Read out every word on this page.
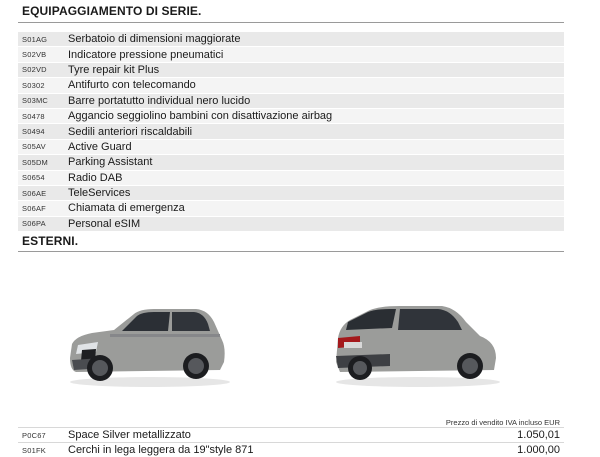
EQUIPAGGIAMENTO DI SERIE.
S01AG	Serbatoio di dimensioni maggiorate
S02VB	Indicatore pressione pneumatici
S02VD	Tyre repair kit Plus
S0302	Antifurto con telecomando
S03MC	Barre portatutto individual nero lucido
S0478	Aggancio seggiolino bambini con disattivazione airbag
S0494	Sedili anteriori riscaldabili
S05AV	Active Guard
S05DM	Parking Assistant
S0654	Radio DAB
S06AE	TeleServices
S06AF	Chiamata di emergenza
S06PA	Personal eSIM
ESTERNI.
Prezzo di vendito IVA incluso EUR
P0C67	Space Silver metallizzato	1.050,01
S01FK	Cerchi in lega leggera da 19"style 871	1.000,00
